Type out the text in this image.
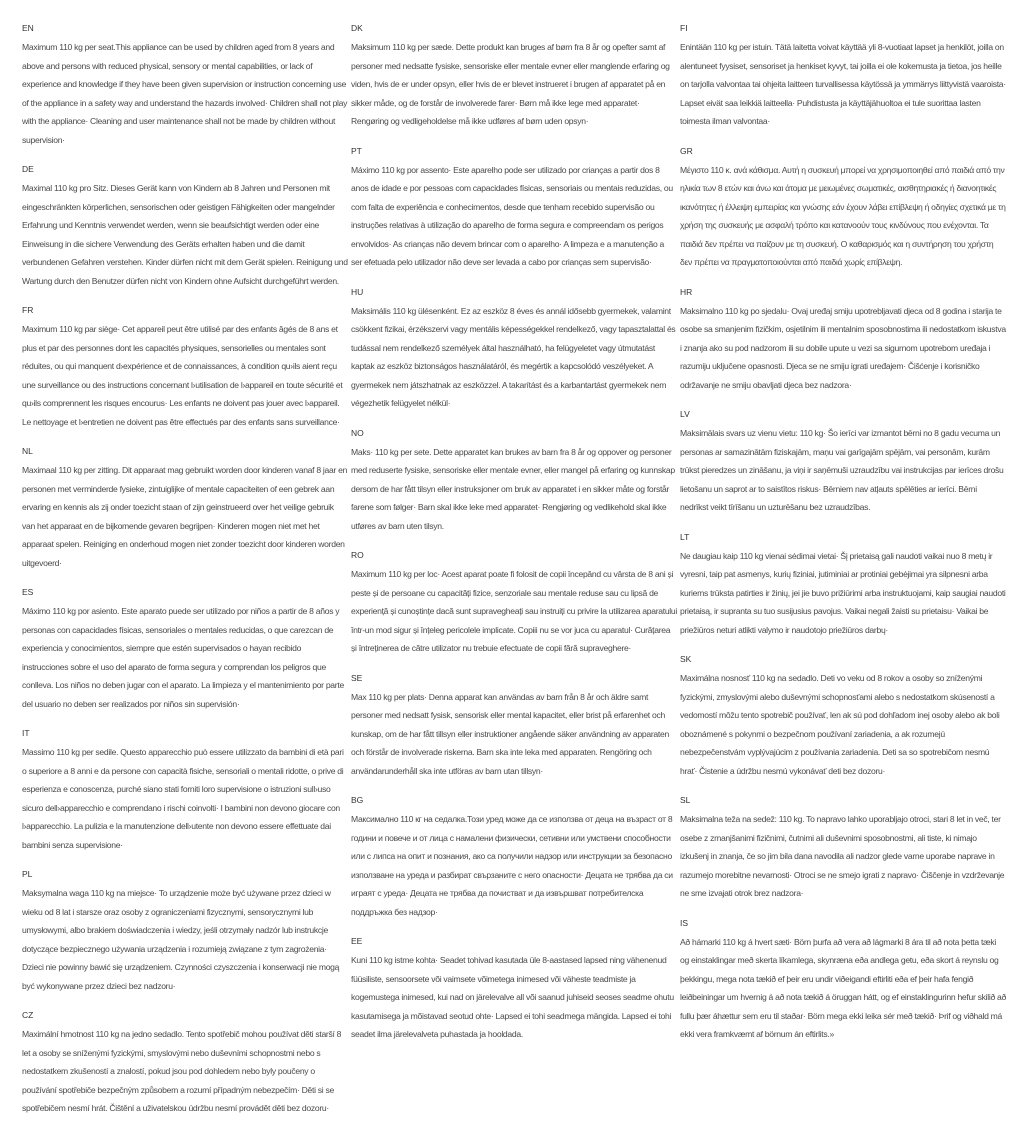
EN
Maximum 110 kg per seat.This appliance can be used by children aged from 8 years and above and persons with reduced physical, sensory or mental capabilities, or lack of experience and knowledge if they have been given supervision or instruction concerning use of the appliance in a safety way and understand the hazards involved· Children shall not play with the appliance· Cleaning and user maintenance shall not be made by children without supervision·
DE
Maximal 110 kg pro Sitz. Dieses Gerät kann von Kindern ab 8 Jahren und Personen mit eingeschränkten körperlichen, sensorischen oder geistigen Fähigkeiten oder mangelnder Erfahrung und Kenntnis verwendet werden, wenn sie beaufsichtigt werden oder eine Einweisung in die sichere Verwendung des Geräts erhalten haben und die damit verbundenen Gefahren verstehen. Kinder dürfen nicht mit dem Gerät spielen. Reinigung und Wartung durch den Benutzer dürfen nicht von Kindern ohne Aufsicht durchgeführt werden.
FR
Maximum 110 kg par siège· Cet appareil peut être utilisé par des enfants âgés de 8 ans et plus et par des personnes dont les capacités physiques, sensorielles ou mentales sont réduites, ou qui manquent d›expérience et de connaissances, à condition qu›ils aient reçu une surveillance ou des instructions concernant l›utilisation de l›appareil en toute sécurité et qu›ils comprennent les risques encourus· Les enfants ne doivent pas jouer avec l›appareil. Le nettoyage et l›entretien ne doivent pas être effectués par des enfants sans surveillance·
NL
Maximaal 110 kg per zitting. Dit apparaat mag gebruikt worden door kinderen vanaf 8 jaar en personen met verminderde fysieke, zintuiglijke of mentale capaciteiten of een gebrek aan ervaring en kennis als zij onder toezicht staan of zijn geinstrueerd over het veilige gebruik van het apparaat en de bijkomende gevaren begrijpen· Kinderen mogen niet met het apparaat spelen. Reiniging en onderhoud mogen niet zonder toezicht door kinderen worden uitgevoerd·
ES
Máximo 110 kg por asiento. Este aparato puede ser utilizado por niños a partir de 8 años y personas con capacidades físicas, sensoriales o mentales reducidas, o que carezcan de experiencia y conocimientos, siempre que estén supervisados o hayan recibido instrucciones sobre el uso del aparato de forma segura y comprendan los peligros que conlleva. Los niños no deben jugar con el aparato. La limpieza y el mantenimiento por parte del usuario no deben ser realizados por niños sin supervisión·
IT
Massimo 110 kg per sedile. Questo apparecchio può essere utilizzato da bambini di età pari o superiore a 8 anni e da persone con capacità fisiche, sensoriali o mentali ridotte, o prive di esperienza e conoscenza, purché siano stati forniti loro supervisione o istruzioni sull›uso sicuro dell›apparecchio e comprendano i rischi coinvolti· I bambini non devono giocare con l›apparecchio. La pulizia e la manutenzione dell›utente non devono essere effettuate dai bambini senza supervisione·
PL
Maksymalna waga 110 kg na miejsce· To urządzenie może być używane przez dzieci w wieku od 8 lat i starsze oraz osoby z ograniczeniami fizycznymi, sensorycznymi lub umysłowymi, albo brakiem doświadczenia i wiedzy, jeśli otrzymały nadzór lub instrukcje dotyczące bezpiecznego używania urządzenia i rozumieją związane z tym zagrożenia· Dzieci nie powinny bawić się urządzeniem. Czynności czyszczenia i konserwacji nie mogą być wykonywane przez dzieci bez nadzoru·
CZ
Maximální hmotnost 110 kg na jedno sedadlo. Tento spotřebič mohou používat děti starší 8 let a osoby se sníženými fyzickými, smyslovými nebo duševními schopnostmi nebo s nedostatkem zkušeností a znalostí, pokud jsou pod dohledem nebo byly poučeny o používání spotřebiče bezpečným způsobem a rozumí případným nebezpečím· Děti si se spotřebičem nesmí hrát. Čištění a uživatelskou údržbu nesmí provádět děti bez dozoru·
DK
Maksimum 110 kg per sæde. Dette produkt kan bruges af børn fra 8 år og opefter samt af personer med nedsatte fysiske, sensoriske eller mentale evner eller manglende erfaring og viden, hvis de er under opsyn, eller hvis de er blevet instrueret i brugen af apparatet på en sikker måde, og de forstår de involverede farer· Børn må ikke lege med apparatet· Rengøring og vedligeholdelse må ikke udføres af børn uden opsyn·
PT
Máximo 110 kg por assento· Este aparelho pode ser utilizado por crianças a partir dos 8 anos de idade e por pessoas com capacidades físicas, sensoriais ou mentais reduzidas, ou com falta de experiência e conhecimentos, desde que tenham recebido supervisão ou instruções relativas à utilização do aparelho de forma segura e compreendam os perigos envolvidos· As crianças não devem brincar com o aparelho· A limpeza e a manutenção a ser efetuada pelo utilizador não deve ser levada a cabo por crianças sem supervisão·
HU
Maksimális 110 kg ülésenként. Ez az eszköz 8 éves és annál idősebb gyermekek, valamint csökkent fizikai, érzékszervi vagy mentális képességekkel rendelkező, vagy tapasztalattal és tudással nem rendelkező személyek által használható, ha felügyeletet vagy útmutatást kaptak az eszköz biztonságos használatáról, és megértik a kapcsolódó veszélyeket. A gyermekek nem játszhatnak az eszközzel. A takarítást és a karbantartást gyermekek nem végezhetik felügyelet nélkül·
NO
Maks· 110 kg per sete. Dette apparatet kan brukes av barn fra 8 år og oppover og personer med reduserte fysiske, sensoriske eller mentale evner, eller mangel på erfaring og kunnskap dersom de har fått tilsyn eller instruksjoner om bruk av apparatet i en sikker måte og forstår farene som følger· Barn skal ikke leke med apparatet· Rengjøring og vedlikehold skal ikke utføres av barn uten tilsyn.
RO
Maximum 110 kg per loc· Acest aparat poate fi folosit de copii începând cu vârsta de 8 ani și peste și de persoane cu capacități fizice, senzoriale sau mentale reduse sau cu lipsă de experiență și cunoștințe dacă sunt supravegheați sau instruiți cu privire la utilizarea aparatului într-un mod sigur și înțeleg pericolele implicate. Copiii nu se vor juca cu aparatul· Curățarea și întreținerea de către utilizator nu trebuie efectuate de copii fără supraveghere·
SE
Max 110 kg per plats· Denna apparat kan användas av barn från 8 år och äldre samt personer med nedsatt fysisk, sensorisk eller mental kapacitet, eller brist på erfarenhet och kunskap, om de har fått tillsyn eller instruktioner angående säker användning av apparaten och förstår de involverade riskerna. Barn ska inte leka med apparaten. Rengöring och användarunderhåll ska inte utföras av barn utan tillsyn·
BG
Максимално 110 кг на седалка.Този уред може да се използва от деца на възраст от 8 години и повече и от лица с намалени физически, сетивни или умствени способности или с липса на опит и познания, ако са получили надзор или инструкции за безопасно използване на уреда и разбират свързаните с него опасности· Децата не трябва да си играят с уреда· Децата не трябва да почистват и да извършват потребителска поддръжка без надзор·
EE
Kuni 110 kg istme kohta· Seadet tohivad kasutada üle 8-aastased lapsed ning vähenenud füüsiliste, sensoorsete või vaimsete võimetega inimesed või väheste teadmiste ja kogemustega inimesed, kui nad on järelevalve all või saanud juhiseid seoses seadme ohutu kasutamisega ja mõistavad seotud ohte· Lapsed ei tohi seadmega mängida. Lapsed ei tohi seadet ilma järelevalveta puhastada ja hooldada.
FI
Enintään 110 kg per istuin. Tätä laitetta voivat käyttää yli 8-vuotiaat lapset ja henkilöt, joilla on alentuneet fyysiset, sensoriset ja henkiset kyvyt, tai joilla ei ole kokemusta ja tietoa, jos heille on tarjolla valvontaa tai ohjeita laitteen turvallisessa käytössä ja ymmärrys liittyvistä vaaroista· Lapset eivät saa leikkiä laitteella· Puhdistusta ja käyttäjähuoltoa ei tule suorittaa lasten toimesta ilman valvontaa·
GR
Μέγιστο 110 κ. ανά κάθισμα. Αυτή η συσκευή μπορεί να χρησιμοποιηθεί από παιδιά από την ηλικία των 8 ετών και άνω και άτομα με μειωμένες σωματικές, αισθητηριακές ή διανοητικές ικανότητες ή έλλειψη εμπειρίας και γνώσης εάν έχουν λάβει επίβλεψη ή οδηγίες σχετικά με τη χρήση της συσκευής με ασφαλή τρόπο και κατανοούν τους κινδύνους που ενέχονται. Τα παιδιά δεν πρέπει να παίζουν με τη συσκευή. Ο καθαρισμός και η συντήρηση του χρήστη δεν πρέπει να πραγματοποιούνται από παιδιά χωρίς επίβλεψη.
HR
Maksimalno 110 kg po sjedalu· Ovaj uređaj smiju upotrebljavati djeca od 8 godina i starija te osobe sa smanjenim fizičkim, osjetilnim ili mentalnim sposobnostima ili nedostatkom iskustva i znanja ako su pod nadzorom ili su dobile upute u vezi sa sigurnom upotrebom uređaja i razumiju uključene opasnosti. Djeca se ne smiju igrati uređajem· Čišćenje i korisničko održavanje ne smiju obavljati djeca bez nadzora·
LV
Maksimālais svars uz vienu vietu: 110 kg· Šo ierīci var izmantot bērni no 8 gadu vecuma un personas ar samazinātām fiziskajām, maņu vai garīgajām spējām, vai personām, kurām trūkst pieredzes un zināšanu, ja viņi ir saņēmuši uzraudzību vai instrukcijas par ierīces drošu lietošanu un saprot ar to saistītos riskus· Bērniem nav atļauts spēlēties ar ierīci. Bērni nedrīkst veikt tīrīšanu un uzturēšanu bez uzraudzības.
LT
Ne daugiau kaip 110 kg vienai sėdimai vietai· Šį prietaisą gali naudoti vaikai nuo 8 metų ir vyresni, taip pat asmenys, kurių fiziniai, jutiminiai ar protiniai gebėjimai yra silpnesni arba kuriems trūksta patirties ir žinių, jei jie buvo prižiūrimi arba instruktuojami, kaip saugiai naudoti prietaisą, ir supranta su tuo susijusius pavojus. Vaikai negali žaisti su prietaisu· Vaikai be priežiūros neturi atlikti valymo ir naudotojo priežiūros darbų·
SK
Maximálna nosnosť 110 kg na sedadlo. Deti vo veku od 8 rokov a osoby so zníženými fyzickými, zmyslovými alebo duševnými schopnosťami alebo s nedostatkom skúseností a vedomostí môžu tento spotrebič používať, len ak sú pod dohľadom inej osoby alebo ak boli oboznámené s pokynmi o bezpečnom používaní zariadenia, a ak rozumejú nebezpečenstvám vyplývajúcim z používania zariadenia. Deti sa so spotrebičom nesmú hrať· Čistenie a údržbu nesmú vykonávať deti bez dozoru·
SL
Maksimalna teža na sedež: 110 kg. To napravo lahko uporabljajo otroci, stari 8 let in več, ter osebe z zmanjšanimi fizičnimi, čutnimi ali duševnimi sposobnostmi, ali tiste, ki nimajo izkušenj in znanja, če so jim bila dana navodila ali nadzor glede varne uporabe naprave in razumejo morebitne nevarnosti· Otroci se ne smejo igrati z napravo· Čiščenje in vzdrževanje ne sme izvajati otrok brez nadzora·
IS
Að hámarki 110 kg á hvert sæti· Börn þurfa að vera að lágmarki 8 ára til að nota þetta tæki og einstaklingar með skerta líkamlega, skynræna eða andlega getu, eða skort á reynslu og þekkingu, mega nota tækið ef þeir eru undir viðeigandi eftirliti eða ef þeir hafa fengið leiðbeiningar um hvernig á að nota tækið á öruggan hátt, og ef einstaklingurinn hefur skilið að fullu þær áhættur sem eru til staðar· Börn mega ekki leika sér með tækið· Þrif og viðhald má ekki vera framkvæmt af börnum án eftirlits.»
